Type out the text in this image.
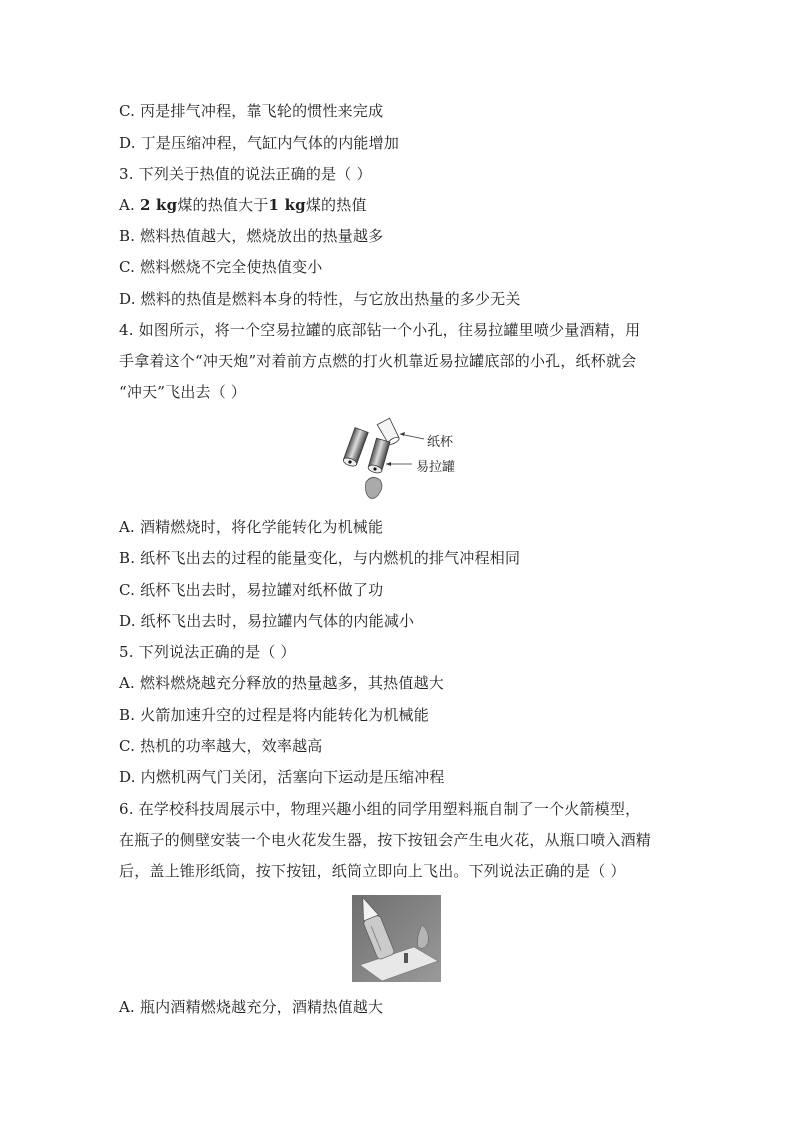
C. 丙是排气冲程，靠飞轮的惯性来完成
D. 丁是压缩冲程，气缸内气体的内能增加
3. 下列关于热值的说法正确的是（ ）
A. 2 kg煤的热值大于1 kg煤的热值
B. 燃料热值越大，燃烧放出的热量越多
C. 燃料燃烧不完全使热值变小
D. 燃料的热值是燃料本身的特性，与它放出热量的多少无关
4. 如图所示，将一个空易拉罐的底部钻一个小孔，往易拉罐里喷少量酒精，用
手拿着这个“冲天炮”对着前方点燃的打火机靠近易拉罐底部的小孔，纸杯就会
“冲天”飞出去（ ）
纸杯
易拉罐
A. 酒精燃烧时，将化学能转化为机械能
B. 纸杯飞出去的过程的能量变化，与内燃机的排气冲程相同
C. 纸杯飞出去时，易拉罐对纸杯做了功
D. 纸杯飞出去时，易拉罐内气体的内能减小
5. 下列说法正确的是（ ）
A. 燃料燃烧越充分释放的热量越多，其热值越大
B. 火箭加速升空的过程是将内能转化为机械能
C. 热机的功率越大，效率越高
D. 内燃机两气门关闭，活塞向下运动是压缩冲程
6. 在学校科技周展示中，物理兴趣小组的同学用塑料瓶自制了一个火箭模型，
在瓶子的侧壁安装一个电火花发生器，按下按钮会产生电火花，从瓶口喷入酒精
后，盖上锥形纸筒，按下按钮，纸筒立即向上飞出。下列说法正确的是（ ）
A. 瓶内酒精燃烧越充分，酒精热值越大
